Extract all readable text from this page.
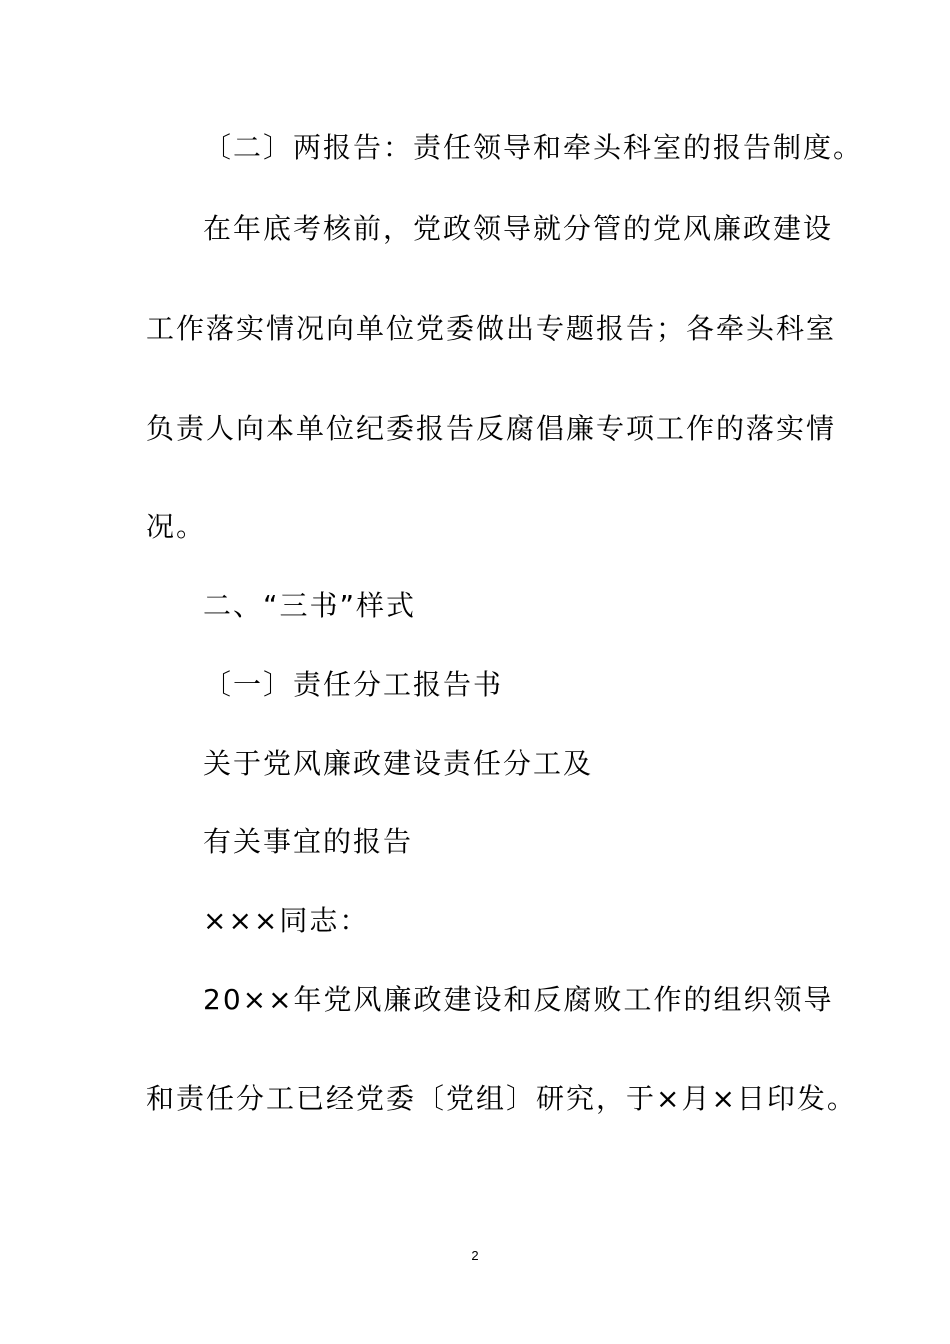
〔二〕两报告：责任领导和牵头科室的报告制度。
在年底考核前，党政领导就分管的党风廉政建设
工作落实情况向单位党委做出专题报告；各牵头科室
负责人向本单位纪委报告反腐倡廉专项工作的落实情
况。
二、“三书”样式
〔一〕责任分工报告书
关于党风廉政建设责任分工及
有关事宜的报告
×××同志：
20××年党风廉政建设和反腐败工作的组织领导
和责任分工已经党委〔党组〕研究，于×月×日印发。
2
